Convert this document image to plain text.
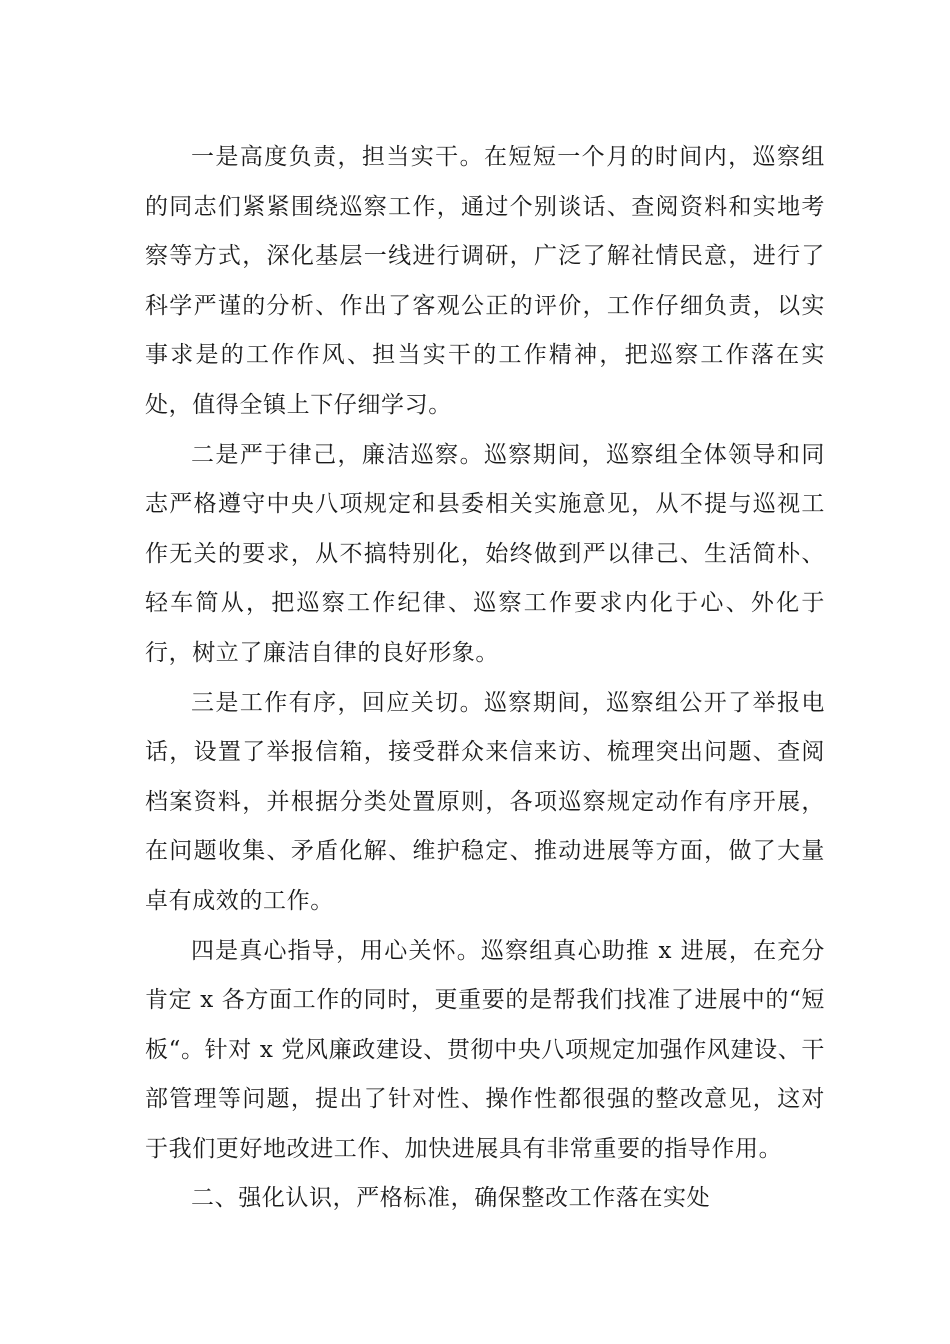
一是高度负责，担当实干。在短短一个月的时间内，巡察组的同志们紧紧围绕巡察工作，通过个别谈话、查阅资料和实地考察等方式，深化基层一线进行调研，广泛了解社情民意，进行了科学严谨的分析、作出了客观公正的评价，工作仔细负责，以实事求是的工作作风、担当实干的工作精神，把巡察工作落在实处，值得全镇上下仔细学习。

二是严于律己，廉洁巡察。巡察期间，巡察组全体领导和同志严格遵守中央八项规定和县委相关实施意见，从不提与巡视工作无关的要求，从不搞特别化，始终做到严以律己、生活简朴、轻车简从，把巡察工作纪律、巡察工作要求内化于心、外化于行，树立了廉洁自律的良好形象。

三是工作有序，回应关切。巡察期间，巡察组公开了举报电话，设置了举报信箱，接受群众来信来访、梳理突出问题、查阅档案资料，并根据分类处置原则，各项巡察规定动作有序开展，在问题收集、矛盾化解、维护稳定、推动进展等方面，做了大量卓有成效的工作。

四是真心指导，用心关怀。巡察组真心助推 x 进展，在充分肯定 x 各方面工作的同时，更重要的是帮我们找准了进展中的“短板“。针对 x 党风廉政建设、贯彻中央八项规定加强作风建设、干部管理等问题，提出了针对性、操作性都很强的整改意见，这对于我们更好地改进工作、加快进展具有非常重要的指导作用。

二、强化认识，严格标准，确保整改工作落在实处
